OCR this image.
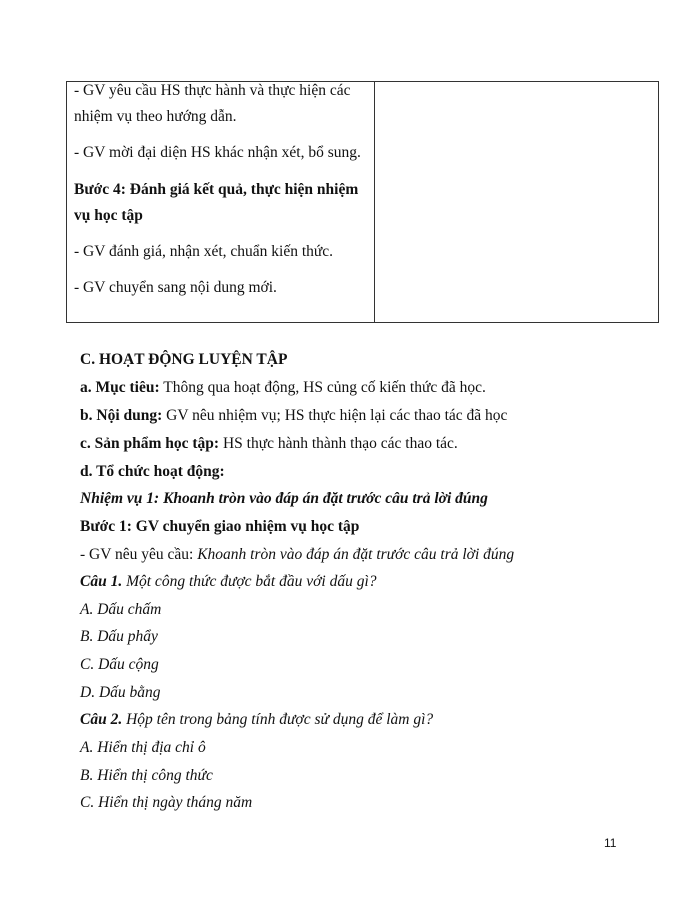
- GV yêu cầu HS thực hành và thực hiện các
nhiệm vụ theo hướng dẫn.
- GV mời đại diện HS khác nhận xét, bổ sung.
Bước 4: Đánh giá kết quả, thực hiện nhiệm
vụ học tập
- GV đánh giá, nhận xét, chuẩn kiến thức.
- GV chuyển sang nội dung mới.
C. HOẠT ĐỘNG LUYỆN TẬP
a. Mục tiêu: Thông qua hoạt động, HS củng cố kiến thức đã học.
b. Nội dung: GV nêu nhiệm vụ; HS thực hiện lại các thao tác đã học
c. Sản phẩm học tập: HS thực hành thành thạo các thao tác.
d. Tổ chức hoạt động:
Nhiệm vụ 1: Khoanh tròn vào đáp án đặt trước câu trả lời đúng
Bước 1: GV chuyển giao nhiệm vụ học tập
- GV nêu yêu cầu: Khoanh tròn vào đáp án đặt trước câu trả lời đúng
Câu 1. Một công thức được bắt đầu với dấu gì?
A. Dấu chấm
B. Dấu phẩy
C. Dấu cộng
D. Dấu bằng
Câu 2. Hộp tên trong bảng tính được sử dụng để làm gì?
A. Hiển thị địa chỉ ô
B. Hiển thị công thức
C. Hiển thị ngày tháng năm
11
